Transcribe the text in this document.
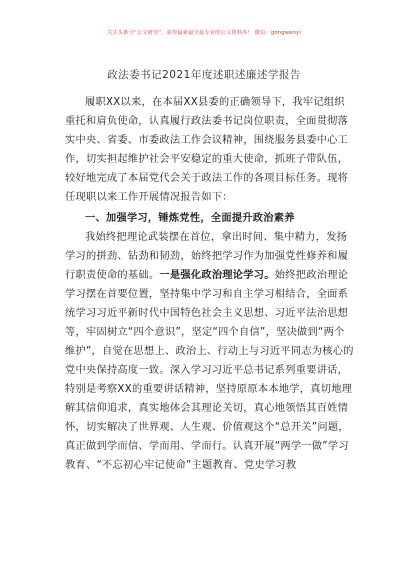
关注头条号“公文研究”，获得最新最全最专业的公文资料库！ 微信：gongwenyi
政法委书记2021年度述职述廉述学报告

履职XX以来，在本届XX县委的正确领导下，我牢记组织重托和肩负使命，认真履行政法委书记岗位职责，全面贯彻落实中央、省委、市委政法工作会议精神，围绕服务县委中心工作，切实担起维护社会平安稳定的重大使命，抓班子带队伍，较好地完成了本届党代会关于政法工作的各项目标任务。现将任现职以来工作开展情况报告如下：

一、加强学习，锤炼党性，全面提升政治素养

我始终把理论武装摆在首位，拿出时间、集中精力，发扬学习的拼劲、钻劲和韧劲，始终把学习作为加强党性修养和履行职责使命的基础。一是强化政治理论学习。始终把政治理论学习摆在首要位置，坚持集中学习和自主学习相结合，全面系统学习习近平新时代中国特色社会主义思想、习近平法治思想等，牢固树立“四个意识”，坚定“四个自信”，坚决做到“两个维护”，自觉在思想上、政治上、行动上与习近平同志为核心的党中央保持高度一致。深入学习习近平总书记系列重要讲话，特别是考察XX的重要讲话精神，坚持原原本本地学，真切地理解其信仰追求，真实地体会其理论关切，真心地领悟其百姓情怀，切实解决了世界观、人生观、价值观这个“总开关”问题，真正做到学而信、学而用、学而行。认真开展“两学一做”学习教育、“不忘初心牢记使命”主题教育、党史学习教
